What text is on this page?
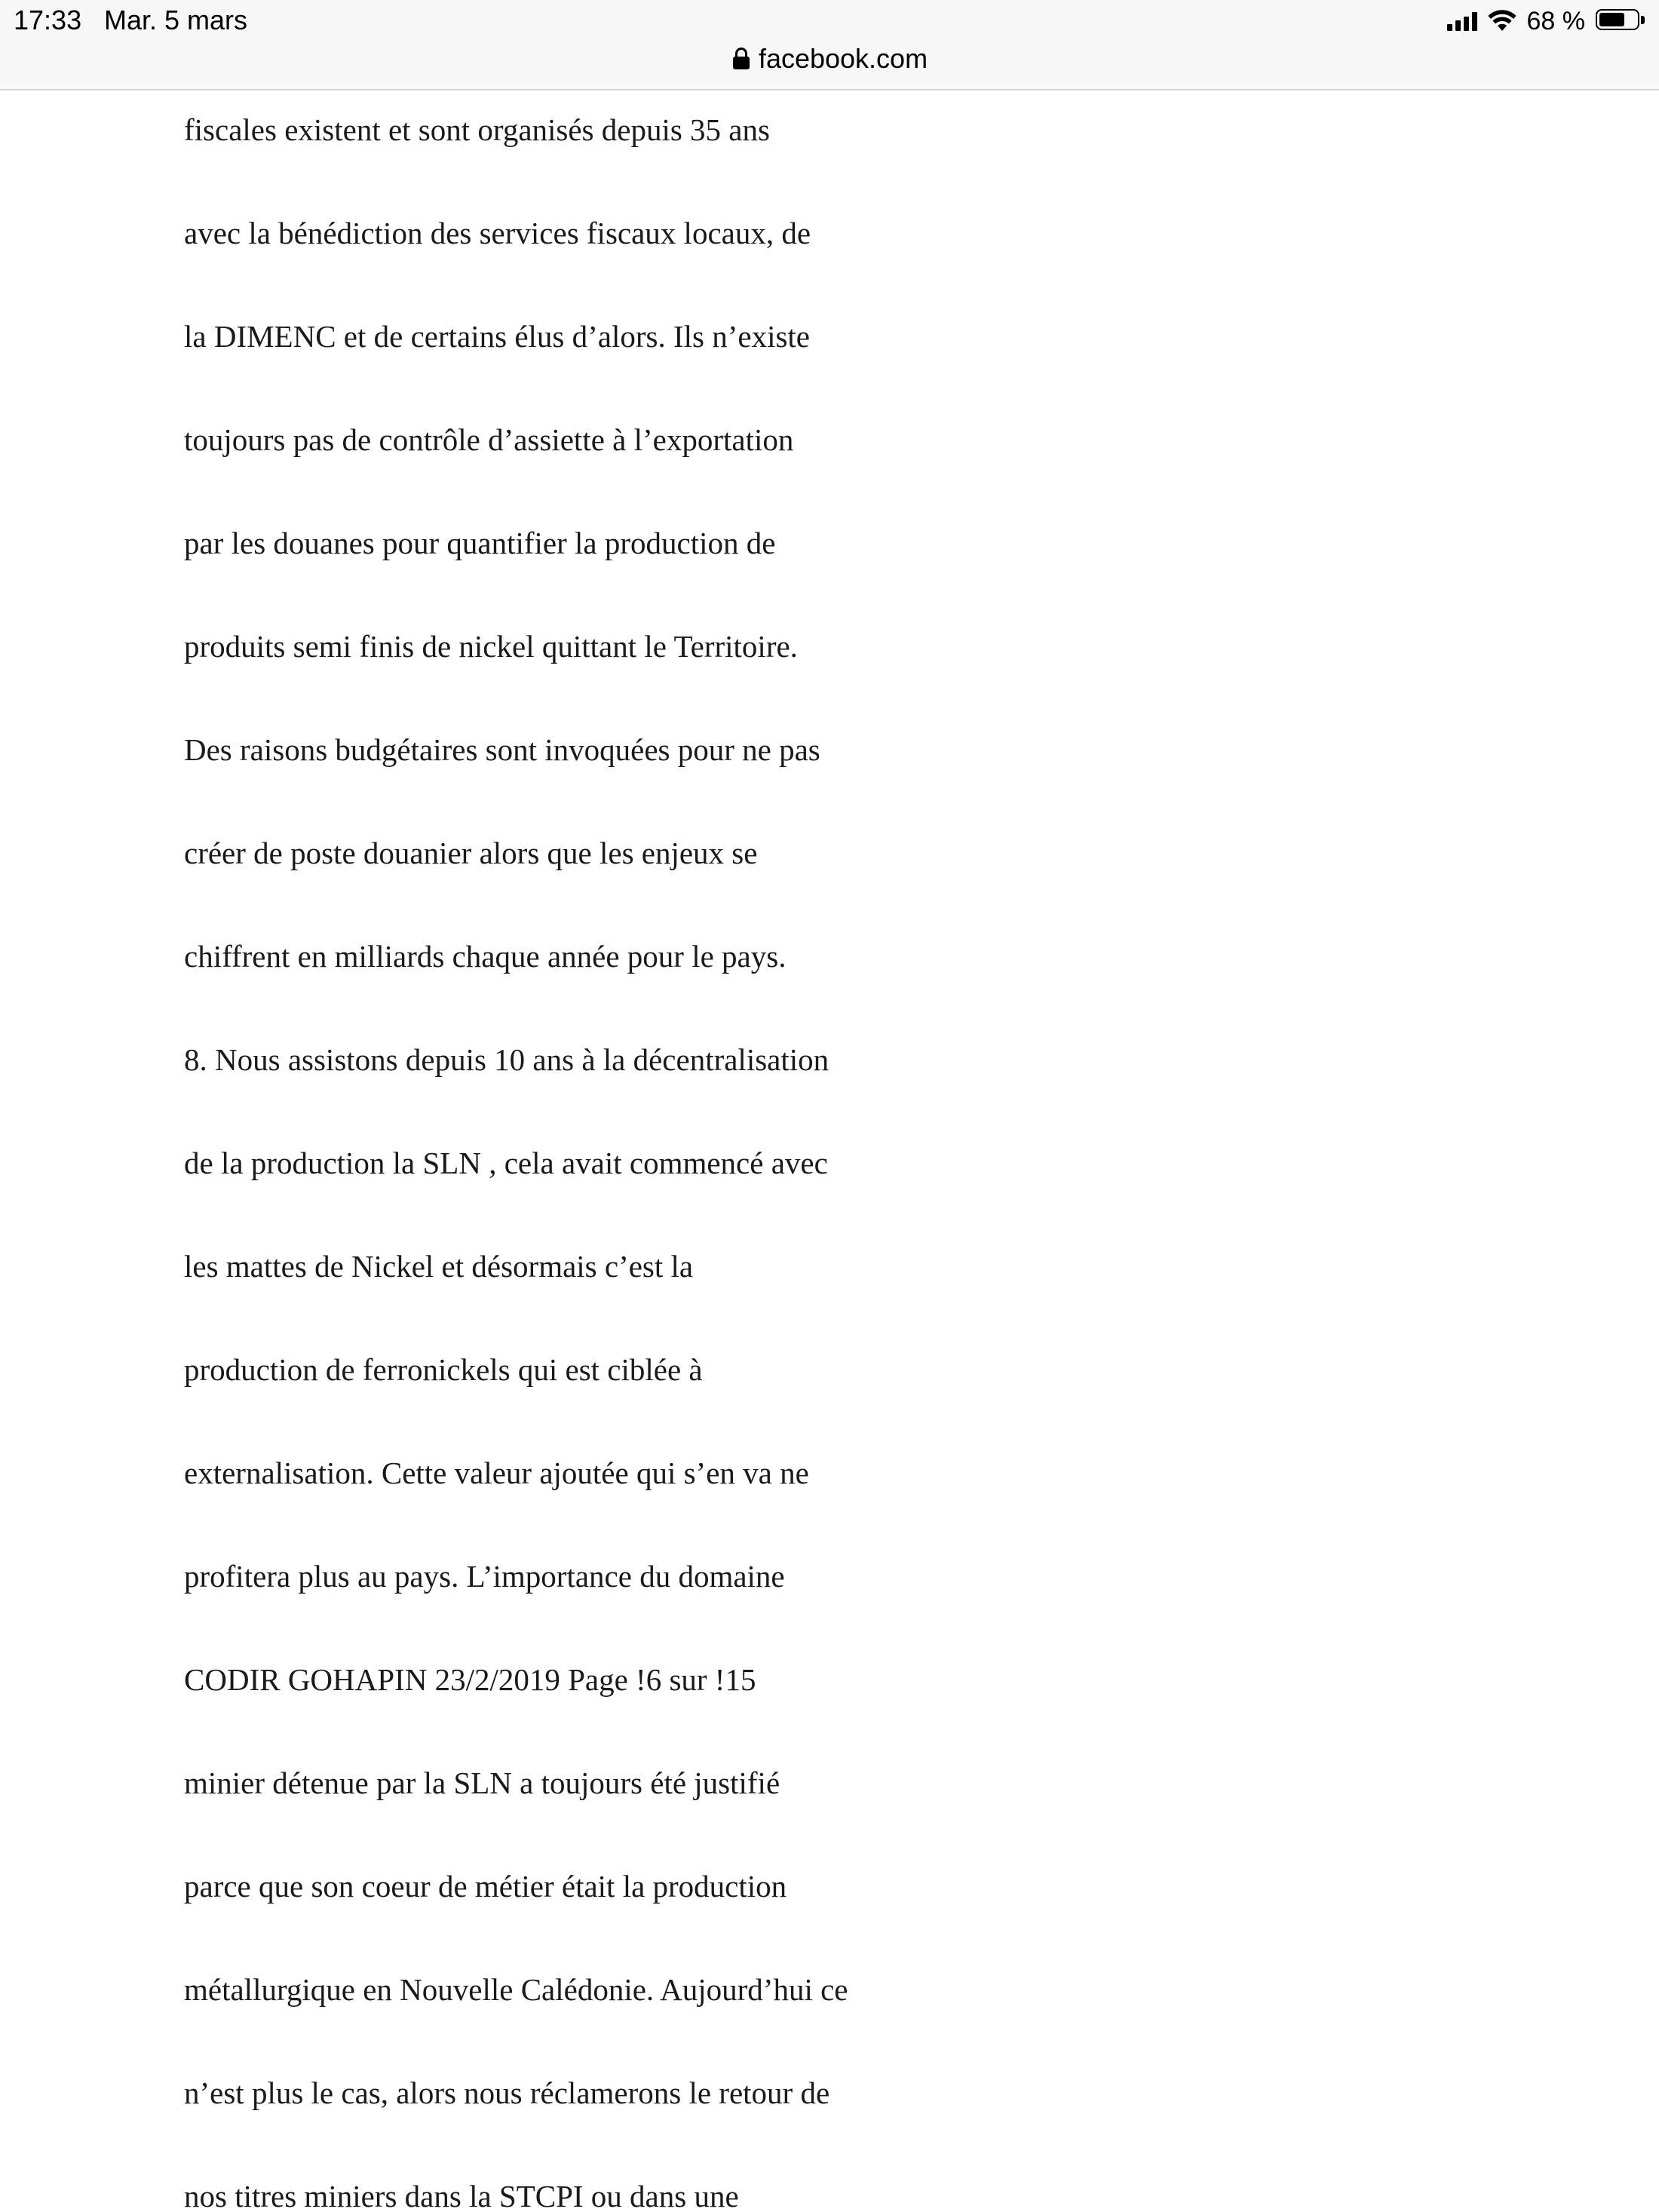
17:33 Mar. 5 mars	68 %
facebook.com

fiscales existent et sont organisés depuis 35 ans

avec la bénédiction des services fiscaux locaux, de

la DIMENC et de certains élus d’alors. Ils n’existe

toujours pas de contrôle d’assiette à l’exportation

par les douanes pour quantifier la production de

produits semi finis de nickel quittant le Territoire.

Des raisons budgétaires sont invoquées pour ne pas

créer de poste douanier alors que les enjeux se

chiffrent en milliards chaque année pour le pays.

8. Nous assistons depuis 10 ans à la décentralisation

de la production la SLN , cela avait commencé avec

les mattes de Nickel et désormais c’est la

production de ferronickels qui est ciblée à

externalisation. Cette valeur ajoutée qui s’en va ne

profitera plus au pays. L’importance du domaine

CODIR GOHAPIN 23/2/2019 Page !6 sur !15

minier détenue par la SLN a toujours été justifié

parce que son coeur de métier était la production

métallurgique en Nouvelle Calédonie. Aujourd’hui ce

n’est plus le cas, alors nous réclamerons le retour de

nos titres miniers dans la STCPI ou dans une
